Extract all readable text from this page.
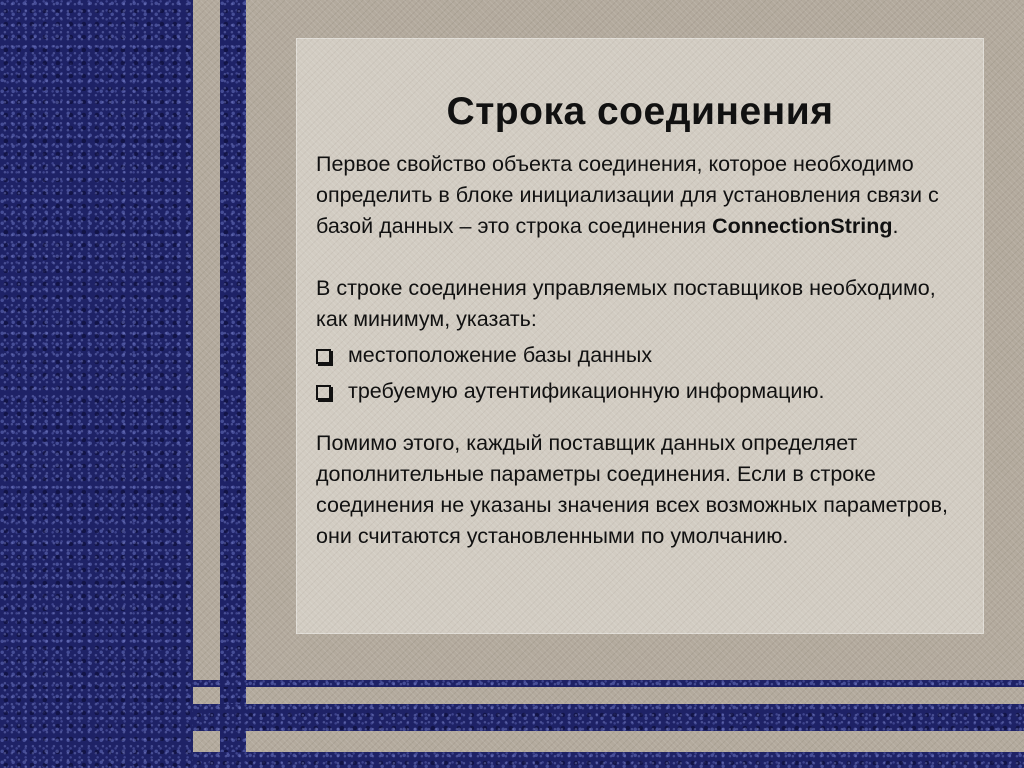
Строка соединения

Первое свойство объекта соединения, которое необходимо определить в блоке инициализации для установления связи с базой данных – это строка соединения ConnectionString.

В строке соединения управляемых поставщиков необходимо, как минимум, указать:

местоположение базы данных
требуемую аутентификационную информацию.

Помимо этого, каждый поставщик данных определяет дополнительные параметры соединения. Если в строке соединения не указаны значения всех возможных параметров, они считаются установленными по умолчанию.
